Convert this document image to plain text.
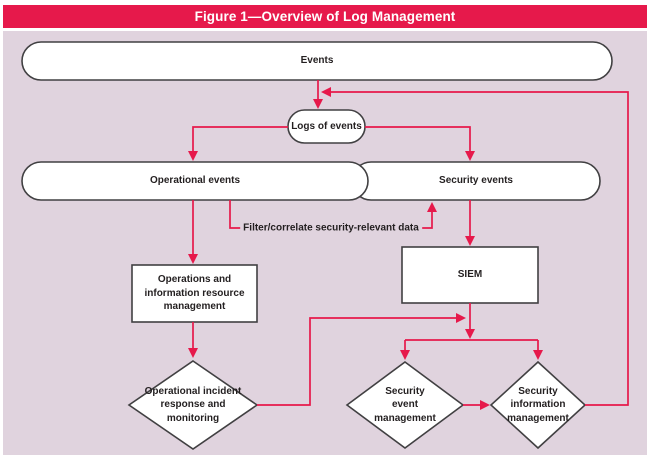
Figure 1—Overview of Log Management
Events
Logs of events
Operational events	Security events
Operations and
information resource
management
SIEM
Operational incident
response and
monitoring
Security
event
management
Security
information
management
Filter/correlate security-relevant data
